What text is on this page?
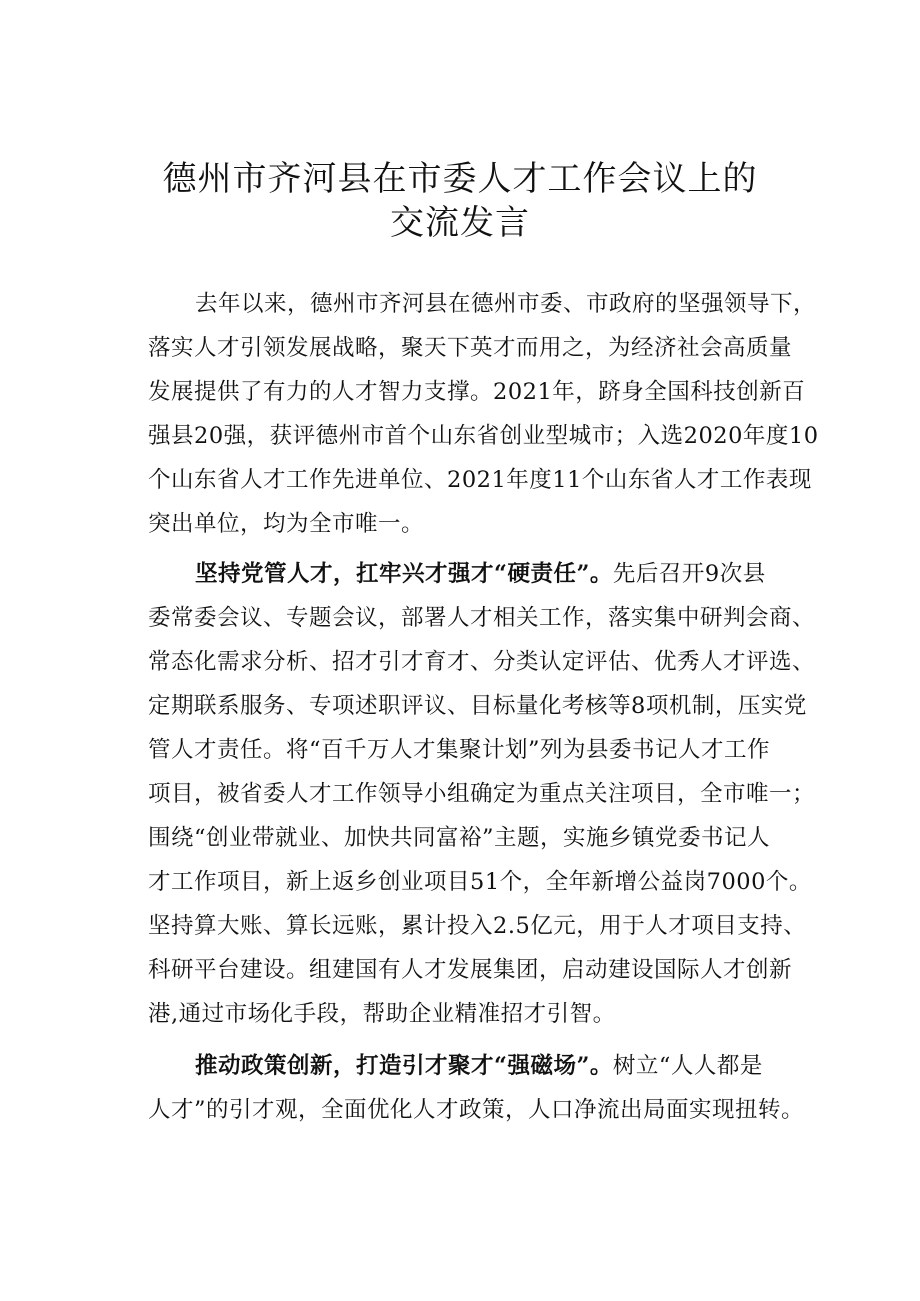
德州市齐河县在市委人才工作会议上的
交流发言
去年以来，德州市齐河县在德州市委、市政府的坚强领导下，
落实人才引领发展战略，聚天下英才而用之，为经济社会高质量
发展提供了有力的人才智力支撑。2021年，跻身全国科技创新百
强县20强，获评德州市首个山东省创业型城市；入选2020年度10
个山东省人才工作先进单位、2021年度11个山东省人才工作表现
突出单位，均为全市唯一。
坚持党管人才，扛牢兴才强才“硬责任”。先后召开9次县
委常委会议、专题会议，部署人才相关工作，落实集中研判会商、
常态化需求分析、招才引才育才、分类认定评估、优秀人才评选、
定期联系服务、专项述职评议、目标量化考核等8项机制，压实党
管人才责任。将“百千万人才集聚计划”列为县委书记人才工作
项目，被省委人才工作领导小组确定为重点关注项目，全市唯一；
围绕“创业带就业、加快共同富裕”主题，实施乡镇党委书记人
才工作项目，新上返乡创业项目51个，全年新增公益岗7000个。
坚持算大账、算长远账，累计投入2.5亿元，用于人才项目支持、
科研平台建设。组建国有人才发展集团，启动建设国际人才创新
港,通过市场化手段，帮助企业精准招才引智。
推动政策创新，打造引才聚才“强磁场”。树立“人人都是
人才”的引才观，全面优化人才政策，人口净流出局面实现扭转。
